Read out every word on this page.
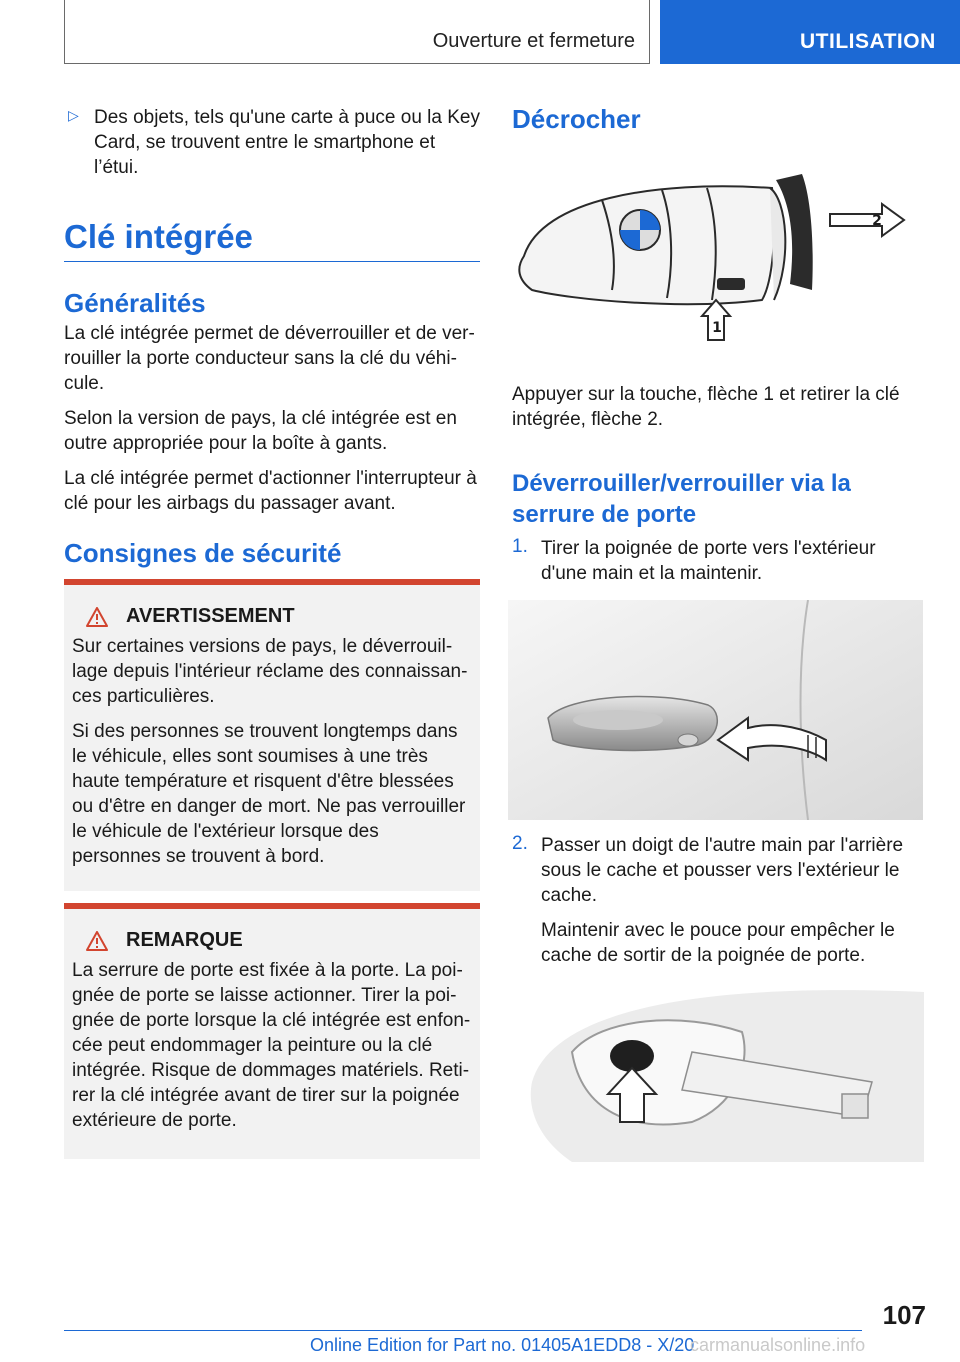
Ouverture et fermeture	UTILISATION
▷ Des objets, tels qu'une carte à puce ou la Key Card, se trouvent entre le smartphone et l’étui.

Clé intégrée
Généralités

La clé intégrée permet de déverrouiller et de verrouiller la porte conducteur sans la clé du véhicule.

Selon la version de pays, la clé intégrée est en outre appropriée pour la boîte à gants.

La clé intégrée permet d'actionner l'interrupteur à clé pour les airbags du passager avant.

Consignes de sécurité
AVERTISSEMENT

Sur certaines versions de pays, le déverrouillage depuis l'intérieur réclame des connaissances particulières.

Si des personnes se trouvent longtemps dans le véhicule, elles sont soumises à une très haute température et risquent d'être blessées ou d'être en danger de mort. Ne pas verrouiller le véhicule de l'extérieur lorsque des personnes se trouvent à bord.

REMARQUE

La serrure de porte est fixée à la porte. La poignée de porte se laisse actionner. Tirer la poignée de porte lorsque la clé intégrée est enfoncée peut endommager la peinture ou la clé intégrée. Risque de dommages matériels. Retirer la clé intégrée avant de tirer sur la poignée extérieure de porte.

Décrocher
1
2

Appuyer sur la touche, flèche 1 et retirer la clé intégrée, flèche 2.

Déverrouiller/verrouiller via la serrure de porte
1. Tirer la poignée de porte vers l'extérieur d'une main et la maintenir.

2. Passer un doigt de l'autre main par l'arrière sous le cache et pousser vers l'extérieur le cache.

Maintenir avec le pouce pour empêcher le cache de sortir de la poignée de porte.

107
Online Edition for Part no. 01405A1EDD8 - X/20
carmanualsonline.info
